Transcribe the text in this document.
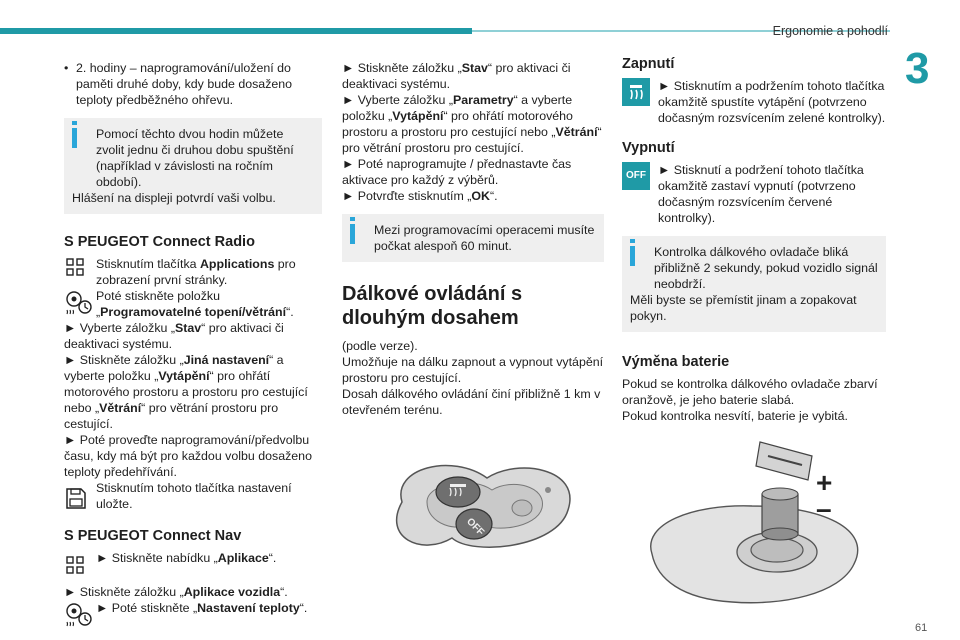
Ergonomie a pohodlí
3
61

• 2. hodiny – naprogramování/uložení do paměti druhé doby, kdy bude dosaženo teploty předběžného ohřevu.

Pomocí těchto dvou hodin můžete zvolit jednu či druhou dobu spuštění (například v závislosti na ročním období).

Hlášení na displeji potvrdí vaši volbu.

S PEUGEOT Connect Radio

Stisknutím tlačítka Applications pro zobrazení první stránky.

Poté stiskněte položku „Programovatelné topení/větrání“.

► Vyberte záložku „Stav“ pro aktivaci či deaktivaci systému.

► Stiskněte záložku „Jiná nastavení“ a vyberte položku „Vytápění“ pro ohřátí motorového prostoru a prostoru pro cestující nebo „Větrání“ pro větrání prostoru pro cestující.

► Poté proveďte naprogramování/předvolbu času, kdy má být pro každou volbu dosaženo teploty předehřívání.

Stisknutím tohoto tlačítka nastavení uložte.

S PEUGEOT Connect Nav

► Stiskněte nabídku „Aplikace“.

► Stiskněte záložku „Aplikace vozidla“.

► Poté stiskněte „Nastavení teploty“.

► Stiskněte záložku „Stav“ pro aktivaci či deaktivaci systému.

► Vyberte záložku „Parametry“ a vyberte položku „Vytápění“ pro ohřátí motorového prostoru a prostoru pro cestující nebo „Větrání“ pro větrání prostoru pro cestující.

► Poté naprogramujte / přednastavte čas aktivace pro každý z výběrů.

► Potvrďte stisknutím „OK“.

Mezi programovacími operacemi musíte počkat alespoň 60 minut.

Dálkové ovládání s dlouhým dosahem

(podle verze).

Umožňuje na dálku zapnout a vypnout vytápění prostoru pro cestující.

Dosah dálkového ovládání činí přibližně 1 km v otevřeném terénu.

OFF

Zapnutí

► Stisknutím a podržením tohoto tlačítka okamžitě spustíte vytápění (potvrzeno dočasným rozsvícením zelené kontrolky).

Vypnutí

OFF ► Stisknutí a podržení tohoto tlačítka okamžitě zastaví vypnutí (potvrzeno dočasným rozsvícením červené kontrolky).

Kontrolka dálkového ovladače bliká přibližně 2 sekundy, pokud vozidlo signál neobdrží.

Měli byste se přemístit jinam a zopakovat pokyn.

Výměna baterie

Pokud se kontrolka dálkového ovladače zbarví oranžově, je jeho baterie slabá.

Pokud kontrolka nesvítí, baterie je vybitá.

+
–
